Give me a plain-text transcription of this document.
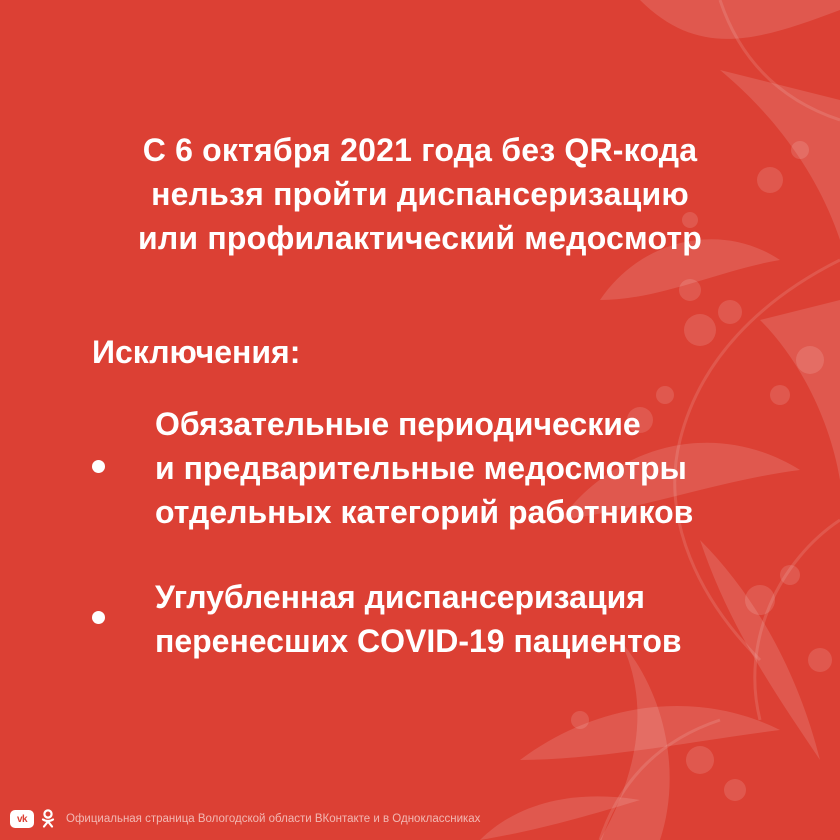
С 6 октября 2021 года без QR-кода
нельзя пройти диспансеризацию
или профилактический медосмотр
Исключения:
Обязательные периодические
и предварительные медосмотры
отдельных категорий работников
Углубленная диспансеризация
перенесших COVID-19 пациентов
vk	Официальная страница Вологодской области ВКонтакте и в Одноклассниках
